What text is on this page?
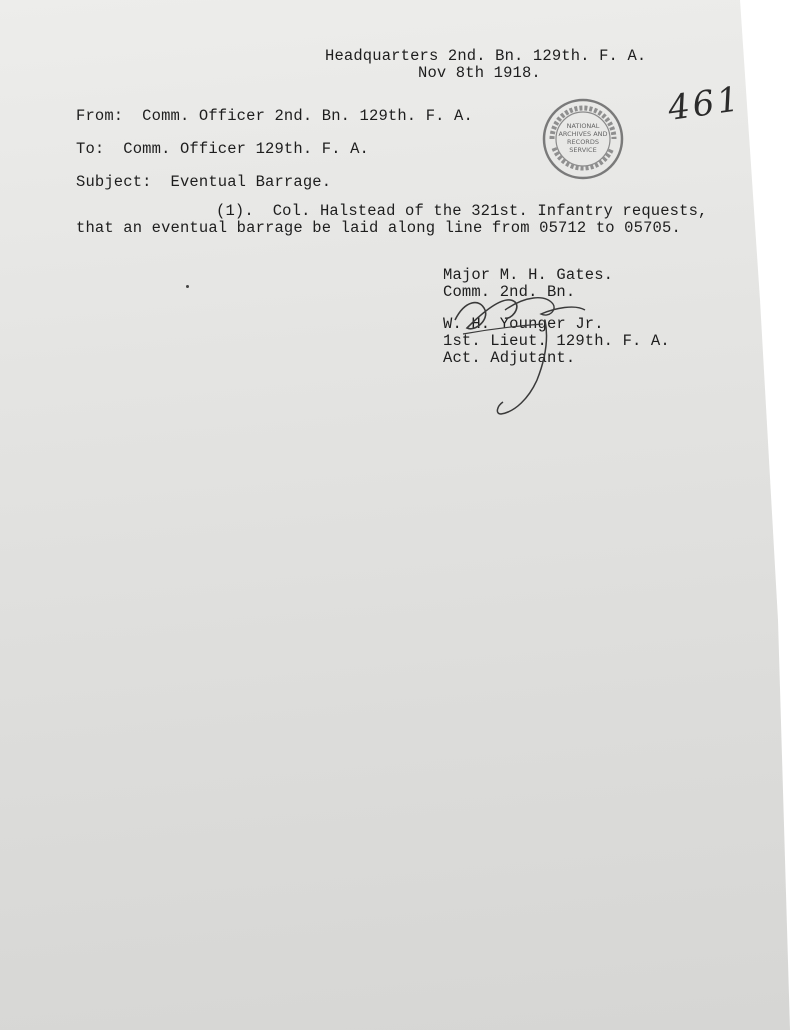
Headquarters 2nd. Bn. 129th. F. A.
Nov 8th 1918.
NATIONAL
ARCHIVES AND
RECORDS
SERVICE
461
From:  Comm. Officer 2nd. Bn. 129th. F. A.
To:  Comm. Officer 129th. F. A.
Subject:  Eventual Barrage.
(1).  Col. Halstead of the 321st. Infantry requests,
that an eventual barrage be laid along line from 05712 to 05705.
Major M. H. Gates.
Comm. 2nd. Bn.
W. H. Younger Jr.
1st. Lieut. 129th. F. A.
Act. Adjutant.
